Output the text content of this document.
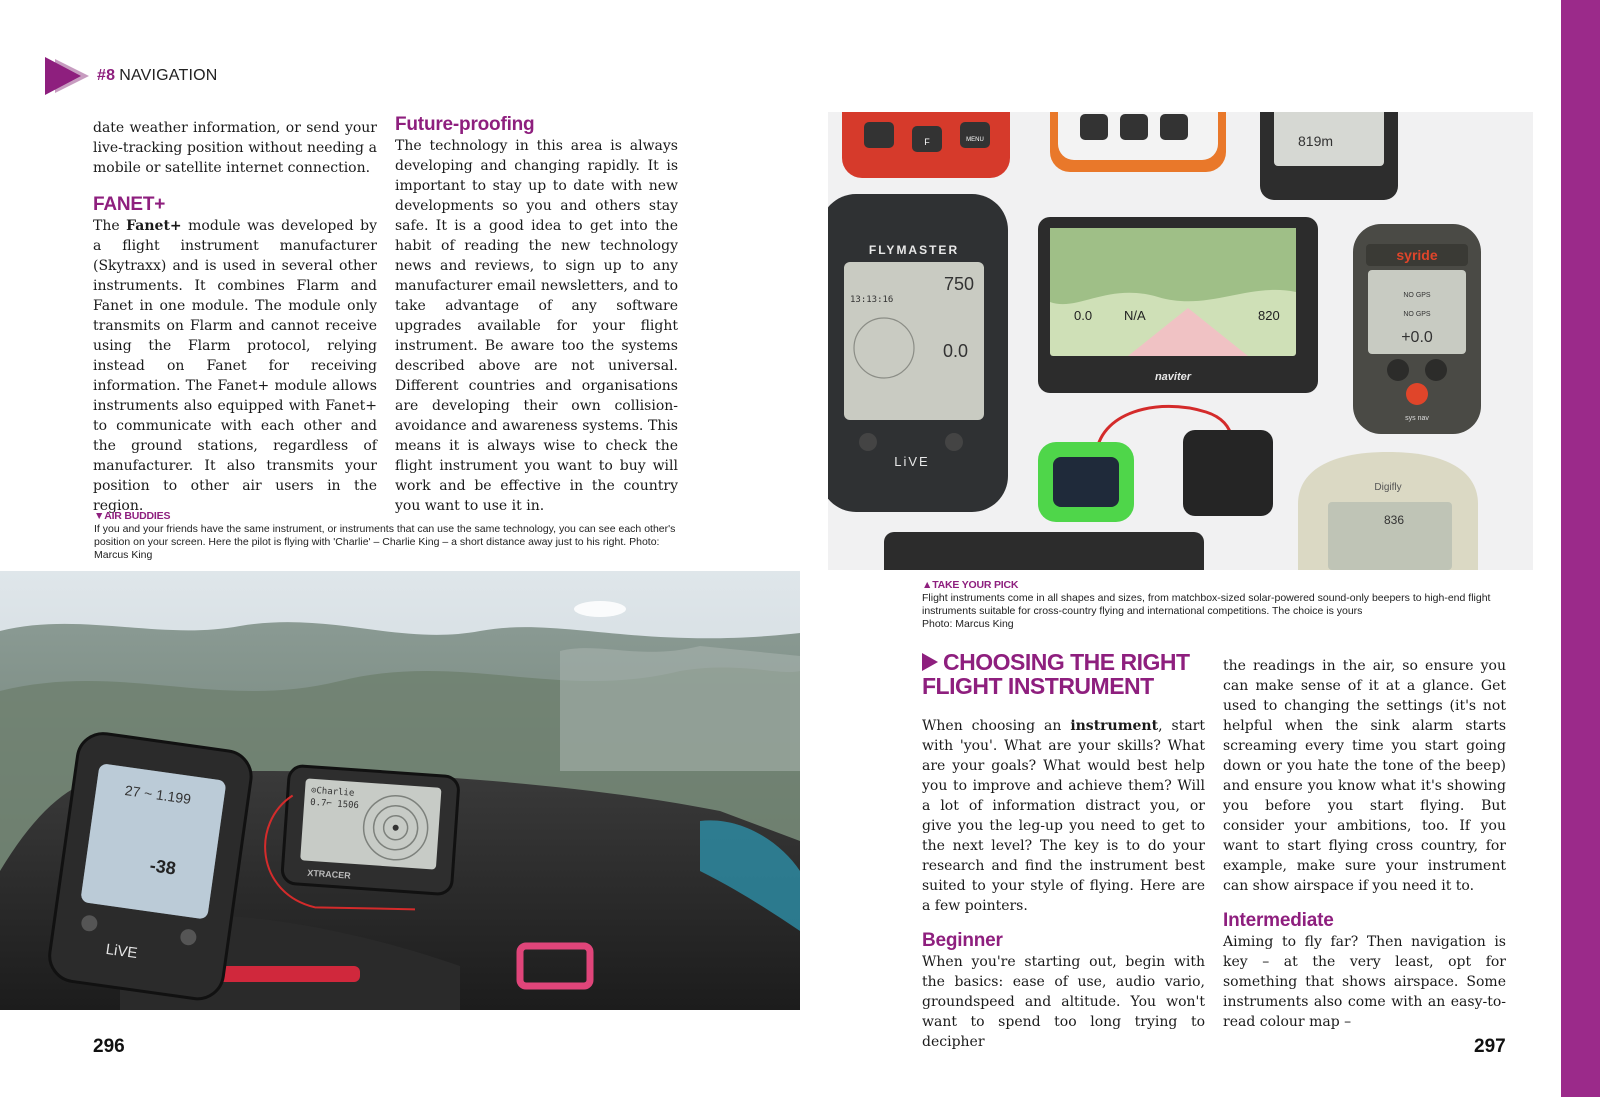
#8 NAVIGATION

date weather information, or send your live-tracking position without needing a mobile or satellite internet connection.

FANET+

The Fanet+ module was developed by a flight instrument manufacturer (Skytraxx) and is used in several other instruments. It combines Flarm and Fanet in one module. The module only transmits on Flarm and cannot receive using the Flarm protocol, relying instead on Fanet for receiving information. The Fanet+ module allows instruments also equipped with Fanet+ to communicate with each other and the ground stations, regardless of manufacturer. It also transmits your position to other air users in the region.

Future-proofing

The technology in this area is always developing and changing rapidly. It is important to stay up to date with new developments so you and others stay safe. It is a good idea to get into the habit of reading the new technology news and reviews, to sign up to any manufacturer email newsletters, and to take advantage of any software upgrades available for your flight instrument. Be aware too the systems described above are not universal. Different countries and organisations are developing their own collision-avoidance and awareness systems. This means it is always wise to check the flight instrument you want to buy will work and be effective in the country you want to use it in.

▼AIR BUDDIES
If you and your friends have the same instrument, or instruments that can use the same technology, you can see each other's position on your screen. Here the pilot is flying with 'Charlie' – Charlie King – a short distance away just to his right. Photo: Marcus King
27 ~ 1.199
-38
LiVE
⊙Charlie
0.7⌐ 1506
XTRACER
F	MENU	819m
FLYMASTER
13:13:16
750
0.0
LiVE
0.0 N/A	820
naviter
syride
NO GPS
NO GPS
+0.0
sys nav
Digifly
836
▲TAKE YOUR PICK
Flight instruments come in all shapes and sizes, from matchbox-sized solar-powered sound-only beepers to high-end flight instruments suitable for cross-country flying and international competitions. The choice is yours
Photo: Marcus King
CHOOSING THE RIGHT
FLIGHT INSTRUMENT

When choosing an instrument, start with 'you'. What are your skills? What are your goals? What would best help you to improve and achieve them? Will a lot of information distract you, or give you the leg-up you need to get to the next level? The key is to do your research and find the instrument best suited to your style of flying. Here are a few pointers.

Beginner

When you're starting out, begin with the basics: ease of use, audio vario, groundspeed and altitude. You won't want to spend too long trying to decipher

the readings in the air, so ensure you can make sense of it at a glance. Get used to changing the settings (it's not helpful when the sink alarm starts screaming every time you start going down or you hate the tone of the beep) and ensure you know what it's showing you before you start flying. But consider your ambitions, too. If you want to start flying cross country, for example, make sure your instrument can show airspace if you need it to.

Intermediate

Aiming to fly far? Then navigation is key – at the very least, opt for something that shows airspace. Some instruments also come with an easy-to-read colour map –

296	297
